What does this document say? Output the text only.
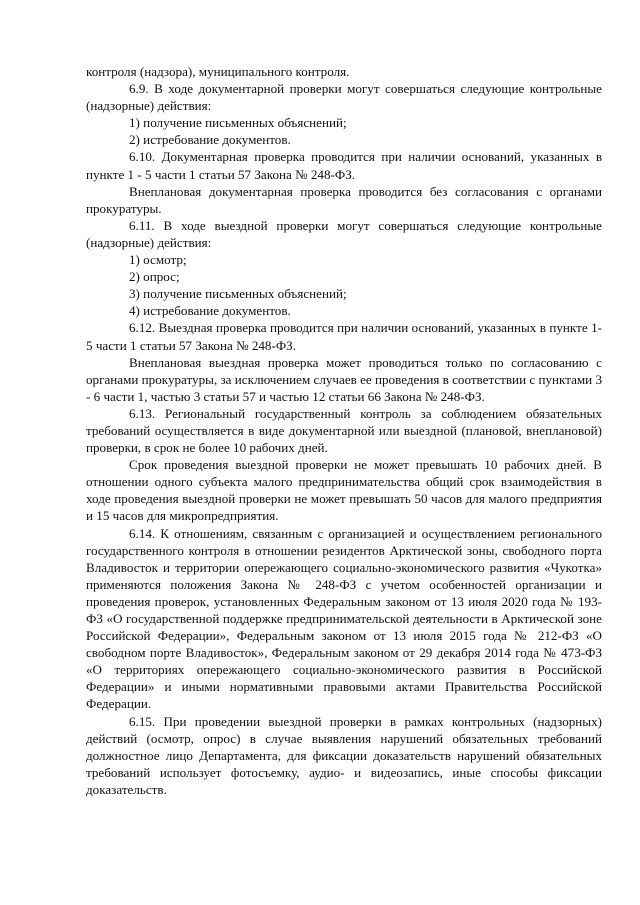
контроля (надзора), муниципального контроля.

6.9. В ходе документарной проверки могут совершаться следующие контрольные (надзорные) действия:

1) получение письменных объяснений;

2) истребование документов.

6.10. Документарная проверка проводится при наличии оснований, указанных в пункте 1 - 5 части 1 статьи 57 Закона № 248-ФЗ.

Внеплановая документарная проверка проводится без согласования с органами прокуратуры.

6.11. В ходе выездной проверки могут совершаться следующие контрольные (надзорные) действия:

1) осмотр;

2) опрос;

3) получение письменных объяснений;

4) истребование документов.

6.12. Выездная проверка проводится при наличии оснований, указанных в пункте 1-5 части 1 статьи 57 Закона № 248-ФЗ.

Внеплановая выездная проверка может проводиться только по согласованию с органами прокуратуры, за исключением случаев ее проведения в соответствии с пунктами 3 - 6 части 1, частью 3 статьи 57 и частью 12 статьи 66 Закона № 248-ФЗ.

6.13. Региональный государственный контроль за соблюдением обязательных требований осуществляется в виде документарной или выездной (плановой, внеплановой) проверки, в срок не более 10 рабочих дней.

Срок проведения выездной проверки не может превышать 10 рабочих дней. В отношении одного субъекта малого предпринимательства общий срок взаимодействия в ходе проведения выездной проверки не может превышать 50 часов для малого предприятия и 15 часов для микропредприятия.

6.14. К отношениям, связанным с организацией и осуществлением регионального государственного контроля в отношении резидентов Арктической зоны, свободного порта Владивосток и территории опережающего социально-экономического развития «Чукотка» применяются положения Закона № 248-ФЗ с учетом особенностей организации и проведения проверок, установленных Федеральным законом от 13 июля 2020 года № 193-ФЗ «О государственной поддержке предпринимательской деятельности в Арктической зоне Российской Федерации», Федеральным законом от 13 июля 2015 года № 212-ФЗ «О свободном порте Владивосток», Федеральным законом от 29 декабря 2014 года № 473-ФЗ «О территориях опережающего социально-экономического развития в Российской Федерации» и иными нормативными правовыми актами Правительства Российской Федерации.

6.15. При проведении выездной проверки в рамках контрольных (надзорных) действий (осмотр, опрос) в случае выявления нарушений обязательных требований должностное лицо Департамента, для фиксации доказательств нарушений обязательных требований использует фотосъемку, аудио- и видеозапись, иные способы фиксации доказательств.
